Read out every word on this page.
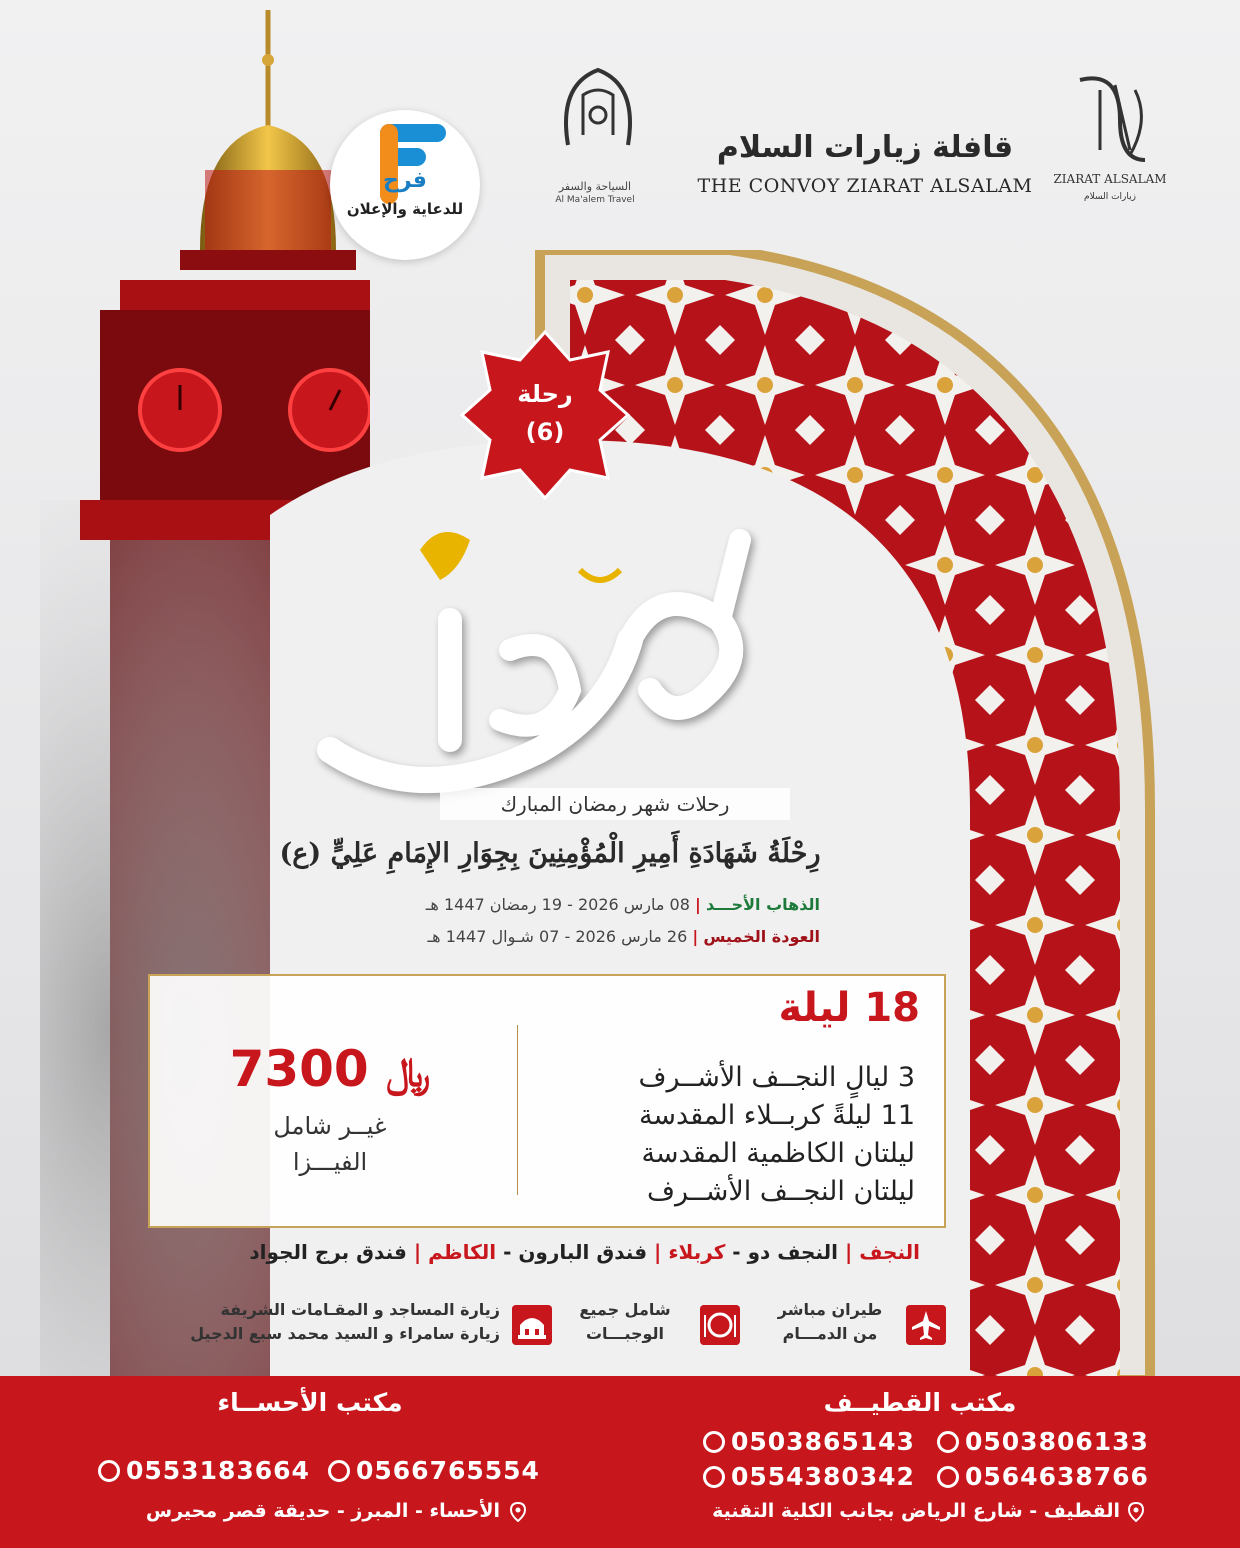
فرح
للدعاية والإعلان
السياحة والسفر
Al Ma'alem Travel
قافلة زيارات السلام
THE CONVOY ZIARAT ALSALAM	ZIARAT ALSALAM
زيارات السلام
رحلة
(6)
رحلات شهر رمضان المبارك
رِحْلَةُ شَهَادَةِ أَمِيرِ الْمُؤْمِنِينَ بِجِوَارِ الإِمَامِ عَلِيٍّ (ع)
الذهاب الأحـــد | 08 مارس 2026 - 19 رمضان 1447 هـ
العودة الخميس | 26 مارس 2026 - 07 شـوال 1447 هـ
18 ليلة
3 ليالٍ النجــف الأشــرف
11 ليلةً كربــلاء المقدسة
ليلتان الكاظمية المقدسة
ليلتان النجــف الأشــرف
7300 ﷼
غيــر شامل
الفيـــزا
النجف | النجف دو - كربلاء | فندق البارون - الكاظم | فندق برج الجواد
طيران مباشر
من الدمـــام
شامل جميع
الوجبـــات
زيارة المساجد و المقـامات الشريفة
زيارة سامراء و السيد محمد سبع الدجيل
مكتب القطيــف
مكتب الأحســاء
0503806133
0503865143
0564638766
0554380342
0566765554
0553183664
القطيف - شارع الرياض بجانب الكلية التقنية
الأحساء - المبرز - حديقة قصر محيرس
